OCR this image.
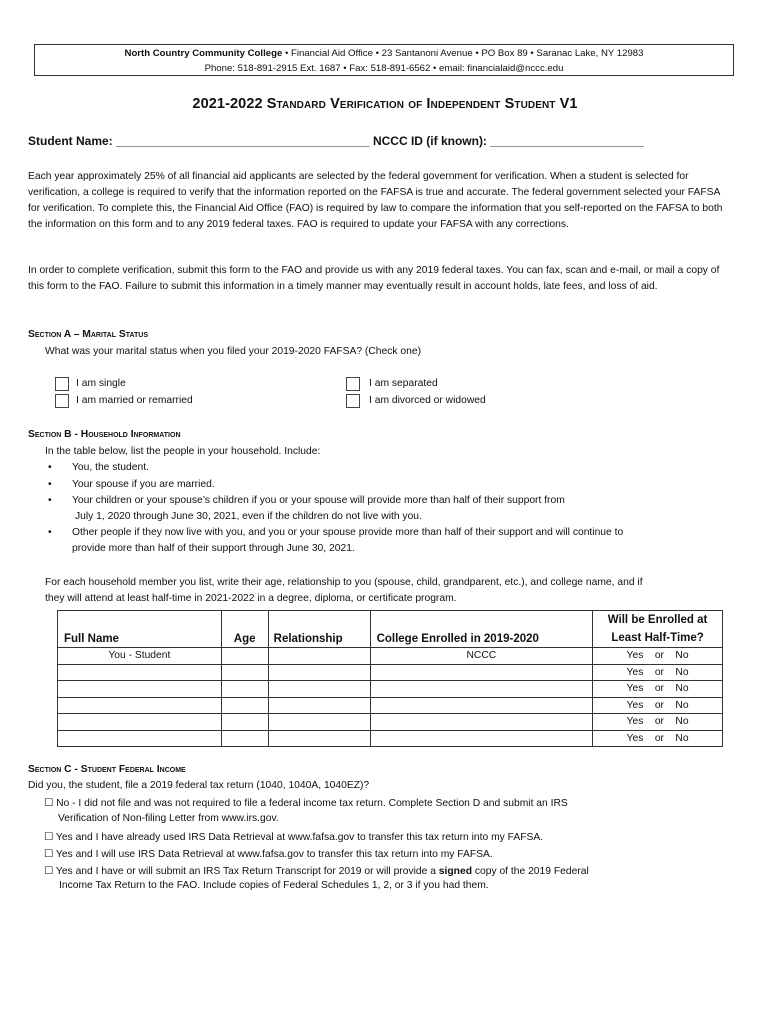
North Country Community College • Financial Aid Office • 23 Santanoni Avenue • PO Box 89 • Saranac Lake, NY 12983
Phone: 518-891-2915 Ext. 1687 • Fax: 518-891-6562 • email: financialaid@nccc.edu
2021-2022 Standard Verification of Independent Student V1
Student Name: ______________________________________ NCCC ID (if known): _______________________
Each year approximately 25% of all financial aid applicants are selected by the federal government for verification. When a student is selected for verification, a college is required to verify that the information reported on the FAFSA is true and accurate. The federal government selected your FAFSA for verification. To complete this, the Financial Aid Office (FAO) is required by law to compare the information that you self-reported on the FAFSA to both the information on this form and to any 2019 federal taxes. FAO is required to update your FAFSA with any corrections.
In order to complete verification, submit this form to the FAO and provide us with any 2019 federal taxes. You can fax, scan and e-mail, or mail a copy of this form to the FAO. Failure to submit this information in a timely manner may eventually result in account holds, late fees, and loss of aid.
Section A – Marital Status
What was your marital status when you filed your 2019-2020 FAFSA? (Check one)
I am single
I am married or remarried
I am separated
I am divorced or widowed
Section B - Household Information
In the table below, list the people in your household. Include:
• You, the student.
• Your spouse if you are married.
• Your children or your spouse’s children if you or your spouse will provide more than half of their support from
July 1, 2020 through June 30, 2021, even if the children do not live with you.
• Other people if they now live with you, and you or your spouse provide more than half of their support and will continue to
provide more than half of their support through June 30, 2021.
For each household member you list, write their age, relationship to you (spouse, child, grandparent, etc.), and college name, and if
they will attend at least half-time in 2021-2022 in a degree, diploma, or certificate program.
Full Name	Age	Relationship	College Enrolled in 2019-2020	Will be Enrolled at
Least Half-Time?

You - Student			NCCC	Yes or No
				Yes or No
				Yes or No
				Yes or No
				Yes or No
				Yes or No
Section C - Student Federal Income
Did you, the student, file a 2019 federal tax return (1040, 1040A, 1040EZ)?
☐ No - I did not file and was not required to file a federal income tax return. Complete Section D and submit an IRS
Verification of Non-filing Letter from www.irs.gov.
☐ Yes and I have already used IRS Data Retrieval at www.fafsa.gov to transfer this tax return into my FAFSA.
☐ Yes and I will use IRS Data Retrieval at www.fafsa.gov to transfer this tax return into my FAFSA.
☐ Yes and I have or will submit an IRS Tax Return Transcript for 2019 or will provide a signed copy of the 2019 Federal
Income Tax Return to the FAO. Include copies of Federal Schedules 1, 2, or 3 if you had them.
